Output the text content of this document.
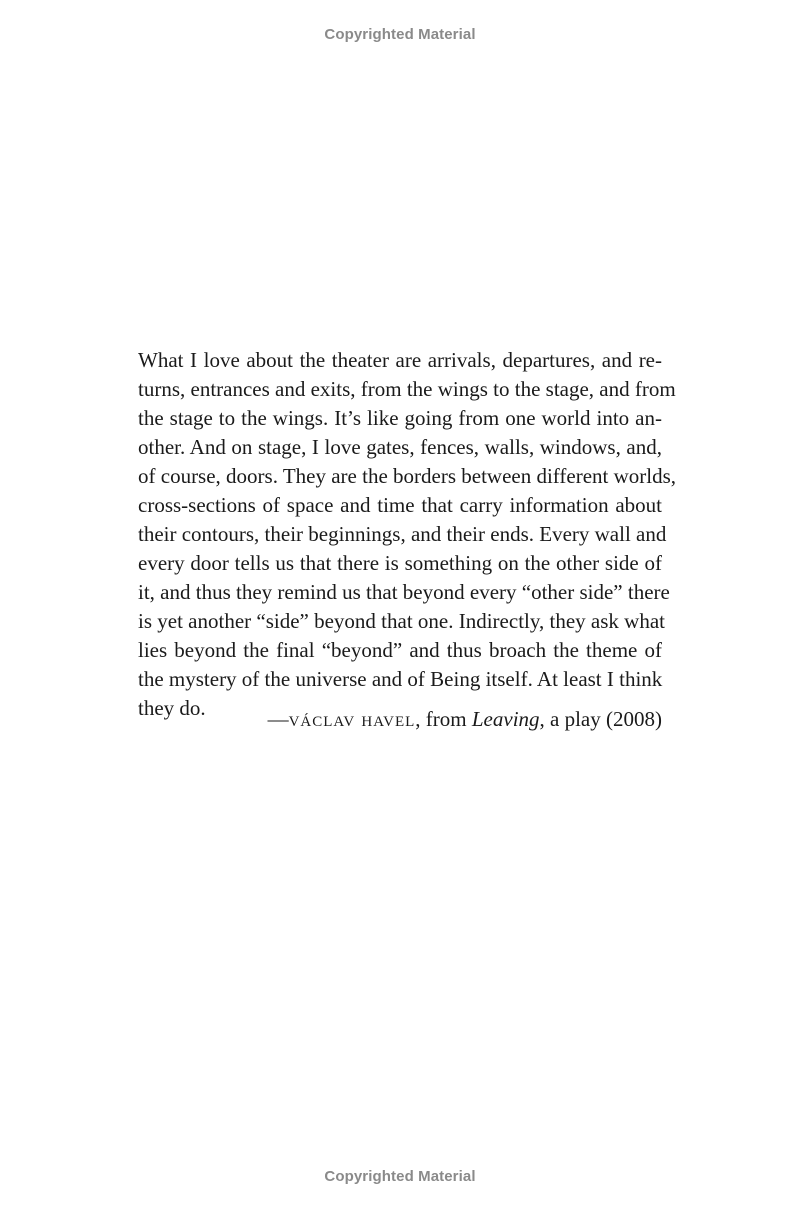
Copyrighted Material
What I love about the theater are arrivals, departures, and re-
turns, entrances and exits, from the wings to the stage, and from
the stage to the wings. It’s like going from one world into an-
other. And on stage, I love gates, fences, walls, windows, and,
of course, doors. They are the borders between different worlds,
cross-sections of space and time that carry information about
their contours, their beginnings, and their ends. Every wall and
every door tells us that there is something on the other side of
it, and thus they remind us that beyond every “other side” there
is yet another “side” beyond that one. Indirectly, they ask what
lies beyond the final “beyond” and thus broach the theme of
the mystery of the universe and of Being itself. At least I think
they do.	—václav havel, from Leaving, a play (2008)
Copyrighted Material
